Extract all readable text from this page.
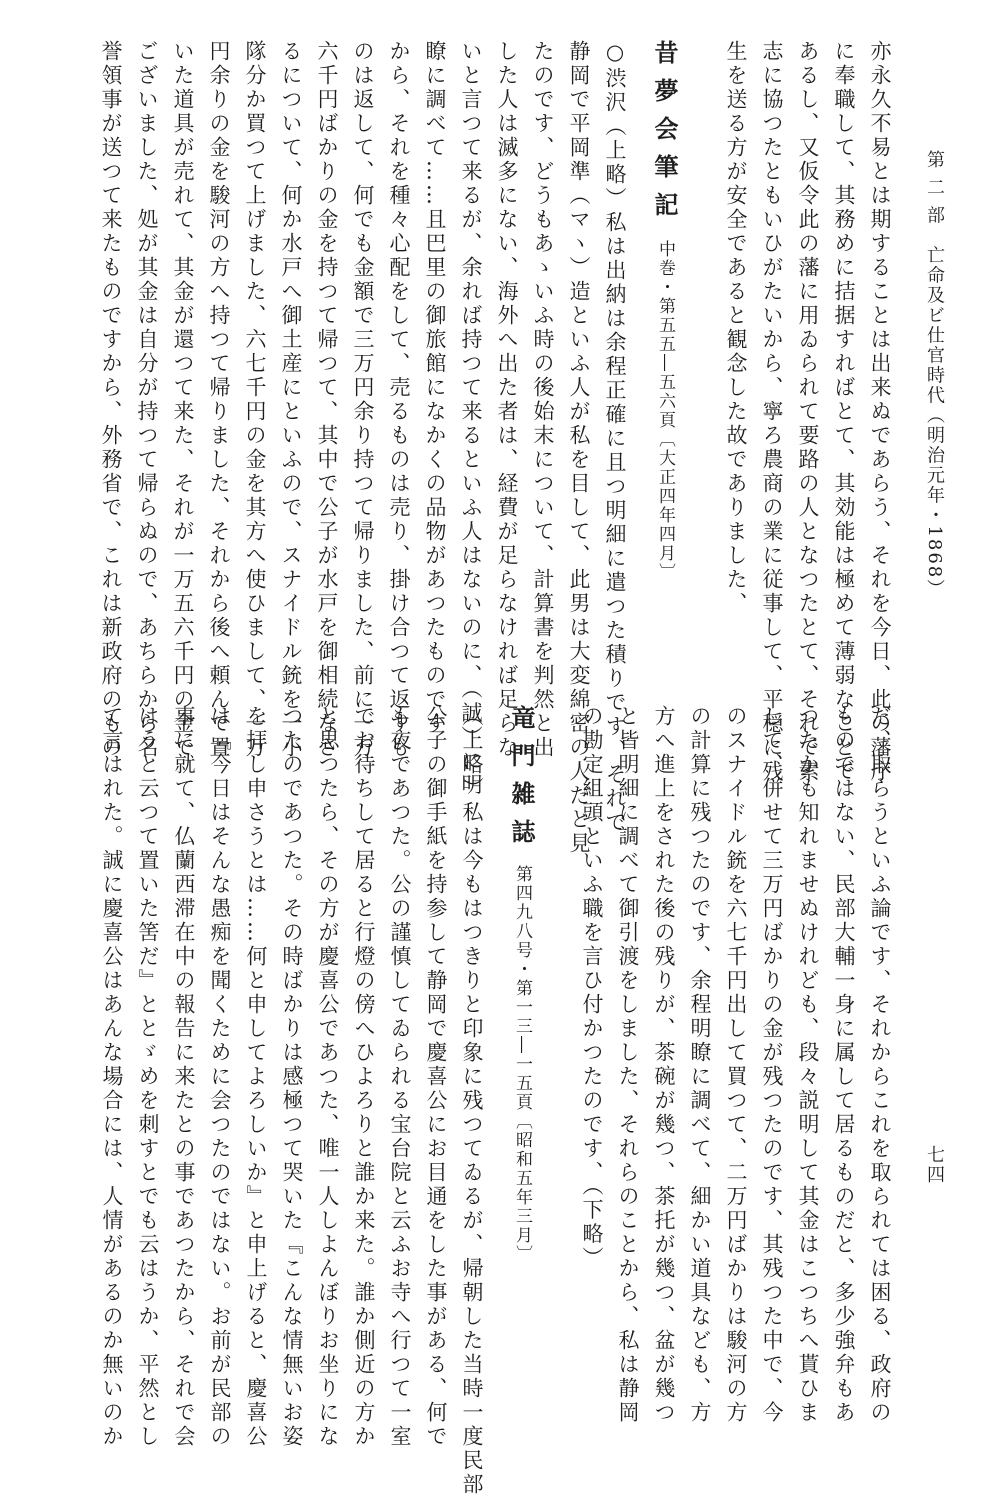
第 二 部　亡命及ビ仕官時代（明治元年・1868）
七四
亦永久不易とは期することは出来ぬであらう、それを今日、此の藩庁
に奉職して、其務めに拮据すればとて、其効能は極めて薄弱なことで
あるし、又仮令此の藩に用ゐられて要路の人となつたとて、それで素
志に協つたともいひがたいから、寧ろ農商の業に従事して、平穏に残
生を送る方が安全であると観念した故でありました、
昔夢会筆記
中巻・第五五―五六頁〔大正四年四月〕
○渋沢（上略）私は出納は余程正確に且つ明細に遣つた積りです、それで
静岡で平岡準（マヽ）造といふ人が私を目して、此男は大変綿密の人だと見
たのです、どうもあゝいふ時の後始末について、計算書を判然と出
した人は滅多にない、海外へ出た者は、経費が足らなければ足らな
いと言つて来るが、余れば持つて来るといふ人はないのに、（誠）に明
瞭に調べて……且巴里の御旅館になかくの品物があつたものです
から、それを種々心配をして、売るものは売り、掛け合つて返すも
のは返して、何でも金額で三万円余り持つて帰りました、前に一万
六千円ばかりの金を持つて帰つて、其中で公子が水戸を御相続なさ
るについて、何か水戸へ御土産にといふので、スナイドル銃を一小
隊分か買つて上げました、六七千円の金を其方へ使ひまして、一万
円余りの金を駿河の方へ持つて帰りました、それから後へ頼んで置
いた道具が売れて、其金が還つて来た、それが一万五六千円の金で
ございました、処が其金は自分が持つて帰らぬので、あちらから名
誉領事が送つて来たものですから、外務省で、これは新政府のもの
だ、取らうといふ論です、それからこれを取られては困る、政府の
ものではない、民部大輔一身に属して居るものだと、多少強弁もあ
つたかも知れませぬけれども、段々説明して其金はこつちへ貰ひま
して、併せて三万円ばかりの金が残つたのです、其残つた中で、今
のスナイドル銃を六七千円出して買つて、二万円ばかりは駿河の方
の計算に残つたのです、余程明瞭に調べて、細かい道具なども、方
方へ進上をされた後の残りが、茶碗が幾つ、茶托が幾つ、盆が幾つ
と皆明細に調べて御引渡をしました、それらのことから、私は静岡
の勘定組頭といふ職を言ひ付かつたのです、（下略）
竜門雑誌
第四九八号・第一三―一五頁〔昭和五年三月〕
（上略）私は今もはつきりと印象に残つてゐるが、帰朝した当時一度民部
公子の御手紙を持参して静岡で慶喜公にお目通をした事がある、何で
も夜であつた。公の謹慎してゐられる宝台院と云ふお寺へ行つて一室
でお待ちして居ると行燈の傍へひよろりと誰か来た。誰か側近の方か
と思つたら、その方が慶喜公であつた、唯一人しよんぼりお坐りにな
つたのであつた。その時ばかりは感極つて哭いた『こんな情無いお姿
を拝し申さうとは……何と申してよろしいか』と申上げると、慶喜公
は『今日はそんな愚痴を聞くために会つたのではない。お前が民部の
事に就て、仏蘭西滞在中の報告に来たとの事であつたから、それで会
はうと云つて置いた筈だ』ととゞめを刺すとでも云はうか、平然とし
て言はれた。誠に慶喜公はあんな場合には、人情があるのか無いのか
